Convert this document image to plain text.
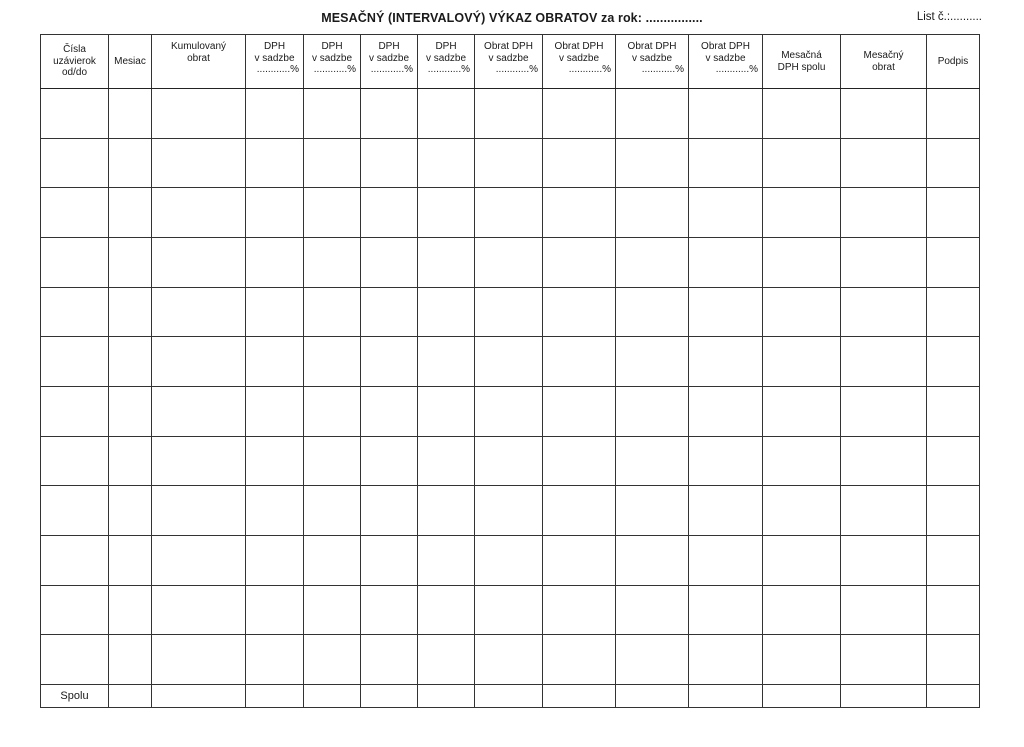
MESAČNÝ (INTERVALOVÝ) VÝKAZ OBRATOV za rok: ................	List č.:..........
Čísla
uzávierok
od/do	Mesiac	Kumulovaný
obrat	DPH
v sadzbe
............%	DPH
v sadzbe
............%	DPH
v sadzbe
............%	DPH
v sadzbe
............%	Obrat DPH
v sadzbe
............%	Obrat DPH
v sadzbe
............%	Obrat DPH
v sadzbe
............%	Obrat DPH
v sadzbe
............%	Mesačná
DPH spolu	Mesačný
obrat	Podpis

Spolu													
